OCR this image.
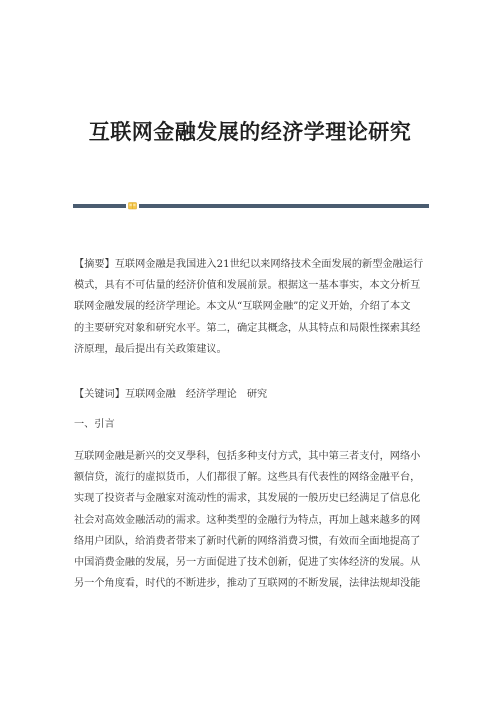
互联网金融发展的经济学理论研究
【摘要】互联网金融是我国进入21世纪以来网络技术全面发展的新型金融运行
模式，具有不可估量的经济价值和发展前景。根据这一基本事实，本文分析互
联网金融发展的经济学理论。本文从“互联网金融”的定义开始，介绍了本文
的主要研究对象和研究水平。第二，确定其概念，从其特点和局限性探索其经
济原理，最后提出有关政策建议。
【关键词】互联网金融 经济学理论 研究
一、引言
互联网金融是新兴的交叉學科，包括多种支付方式，其中第三者支付，网络小
额信贷，流行的虚拟货币，人们都很了解。这些具有代表性的网络金融平台，
实现了投资者与金融家对流动性的需求，其发展的一般历史已经满足了信息化
社会对高效金融活动的需求。这种类型的金融行为特点，再加上越来越多的网
络用户团队，给消费者带来了新时代新的网络消费习惯，有效而全面地提高了
中国消费金融的发展，另一方面促进了技术创新，促进了实体经济的发展。从
另一个角度看，时代的不断进步，推动了互联网的不断发展，法律法规却没能
